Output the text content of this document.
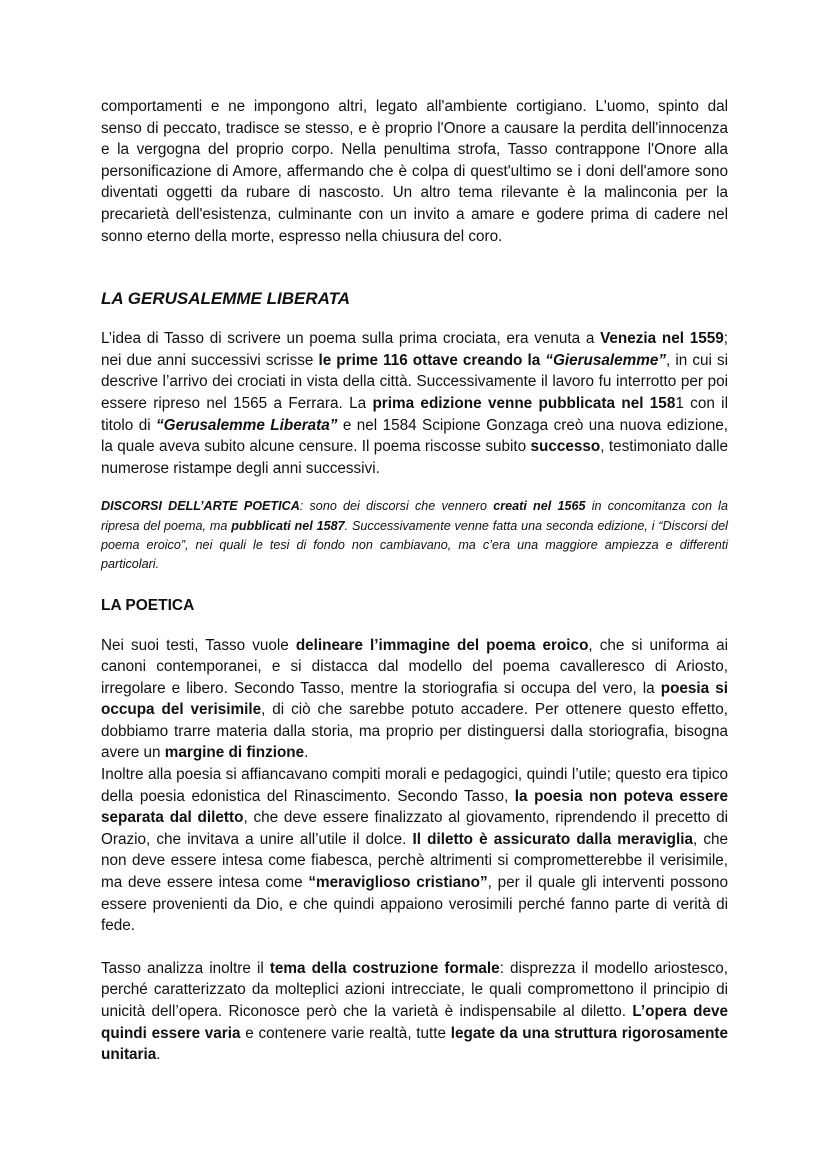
comportamenti e ne impongono altri, legato all'ambiente cortigiano. L'uomo, spinto dal senso di peccato, tradisce se stesso, e è proprio l'Onore a causare la perdita dell'innocenza e la vergogna del proprio corpo. Nella penultima strofa, Tasso contrappone l'Onore alla personificazione di Amore, affermando che è colpa di quest'ultimo se i doni dell'amore sono diventati oggetti da rubare di nascosto. Un altro tema rilevante è la malinconia per la precarietà dell'esistenza, culminante con un invito a amare e godere prima di cadere nel sonno eterno della morte, espresso nella chiusura del coro.

LA GERUSALEMME LIBERATA

L’idea di Tasso di scrivere un poema sulla prima crociata, era venuta a Venezia nel 1559; nei due anni successivi scrisse le prime 116 ottave creando la “Gierusalemme”, in cui si descrive l’arrivo dei crociati in vista della città. Successivamente il lavoro fu interrotto per poi essere ripreso nel 1565 a Ferrara. La prima edizione venne pubblicata nel 1581 con il titolo di “Gerusalemme Liberata” e nel 1584 Scipione Gonzaga creò una nuova edizione, la quale aveva subito alcune censure. Il poema riscosse subito successo, testimoniato dalle numerose ristampe degli anni successivi.

DISCORSI DELL’ARTE POETICA: sono dei discorsi che vennero creati nel 1565 in concomitanza con la ripresa del poema, ma pubblicati nel 1587. Successivamente venne fatta una seconda edizione, i “Discorsi del poema eroico”, nei quali le tesi di fondo non cambiavano, ma c’era una maggiore ampiezza e differenti particolari.

LA POETICA

Nei suoi testi, Tasso vuole delineare l’immagine del poema eroico, che si uniforma ai canoni contemporanei, e si distacca dal modello del poema cavalleresco di Ariosto, irregolare e libero. Secondo Tasso, mentre la storiografia si occupa del vero, la poesia si occupa del verisimile, di ciò che sarebbe potuto accadere. Per ottenere questo effetto, dobbiamo trarre materia dalla storia, ma proprio per distinguersi dalla storiografia, bisogna avere un margine di finzione.

Inoltre alla poesia si affiancavano compiti morali e pedagogici, quindi l’utile; questo era tipico della poesia edonistica del Rinascimento. Secondo Tasso, la poesia non poteva essere separata dal diletto, che deve essere finalizzato al giovamento, riprendendo il precetto di Orazio, che invitava a unire all’utile il dolce. Il diletto è assicurato dalla meraviglia, che non deve essere intesa come fiabesca, perchè altrimenti si comprometterebbe il verisimile, ma deve essere intesa come “meraviglioso cristiano”, per il quale gli interventi possono essere provenienti da Dio, e che quindi appaiono verosimili perché fanno parte di verità di fede.

Tasso analizza inoltre il tema della costruzione formale: disprezza il modello ariostesco, perché caratterizzato da molteplici azioni intrecciate, le quali compromettono il principio di unicità dell’opera. Riconosce però che la varietà è indispensabile al diletto. L’opera deve quindi essere varia e contenere varie realtà, tutte legate da una struttura rigorosamente unitaria.
